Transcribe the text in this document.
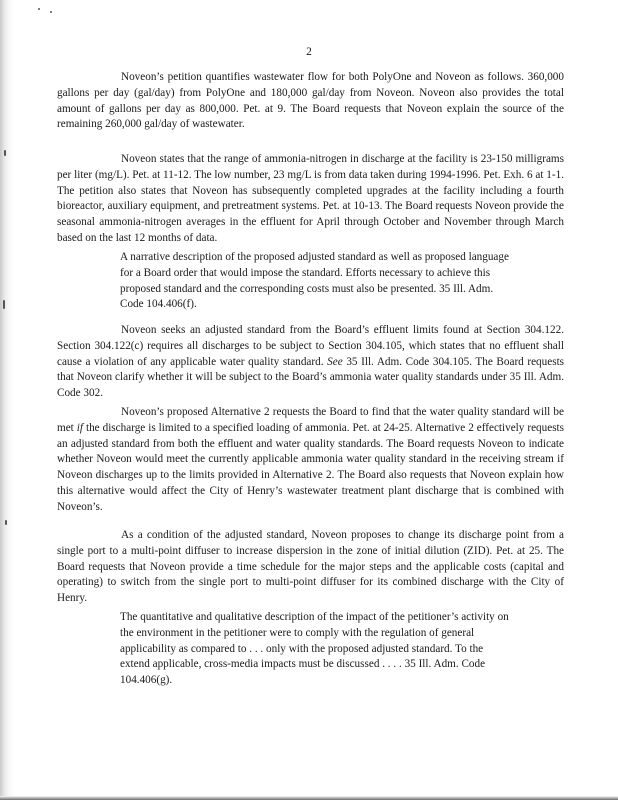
2

Noveon’s petition quantifies wastewater flow for both PolyOne and Noveon as follows. 360,000 gallons per day (gal/day) from PolyOne and 180,000 gal/day from Noveon. Noveon also provides the total amount of gallons per day as 800,000. Pet. at 9. The Board requests that Noveon explain the source of the remaining 260,000 gal/day of wastewater.

Noveon states that the range of ammonia-nitrogen in discharge at the facility is 23-150 milligrams per liter (mg/L). Pet. at 11-12. The low number, 23 mg/L is from data taken during 1994-1996. Pet. Exh. 6 at 1-1. The petition also states that Noveon has subsequently completed upgrades at the facility including a fourth bioreactor, auxiliary equipment, and pretreatment systems. Pet. at 10-13. The Board requests Noveon provide the seasonal ammonia-nitrogen averages in the effluent for April through October and November through March based on the last 12 months of data.

A narrative description of the proposed adjusted standard as well as proposed language for a Board order that would impose the standard. Efforts necessary to achieve this proposed standard and the corresponding costs must also be presented. 35 Ill. Adm. Code 104.406(f).

Noveon seeks an adjusted standard from the Board’s effluent limits found at Section 304.122. Section 304.122(c) requires all discharges to be subject to Section 304.105, which states that no effluent shall cause a violation of any applicable water quality standard. See 35 Ill. Adm. Code 304.105. The Board requests that Noveon clarify whether it will be subject to the Board’s ammonia water quality standards under 35 Ill. Adm. Code 302.

Noveon’s proposed Alternative 2 requests the Board to find that the water quality standard will be met if the discharge is limited to a specified loading of ammonia. Pet. at 24-25. Alternative 2 effectively requests an adjusted standard from both the effluent and water quality standards. The Board requests Noveon to indicate whether Noveon would meet the currently applicable ammonia water quality standard in the receiving stream if Noveon discharges up to the limits provided in Alternative 2. The Board also requests that Noveon explain how this alternative would affect the City of Henry’s wastewater treatment plant discharge that is combined with Noveon’s.

As a condition of the adjusted standard, Noveon proposes to change its discharge point from a single port to a multi-point diffuser to increase dispersion in the zone of initial dilution (ZID). Pet. at 25. The Board requests that Noveon provide a time schedule for the major steps and the applicable costs (capital and operating) to switch from the single port to multi-point diffuser for its combined discharge with the City of Henry.

The quantitative and qualitative description of the impact of the petitioner’s activity on the environment in the petitioner were to comply with the regulation of general applicability as compared to . . . only with the proposed adjusted standard. To the extend applicable, cross-media impacts must be discussed . . . . 35 Ill. Adm. Code 104.406(g).
